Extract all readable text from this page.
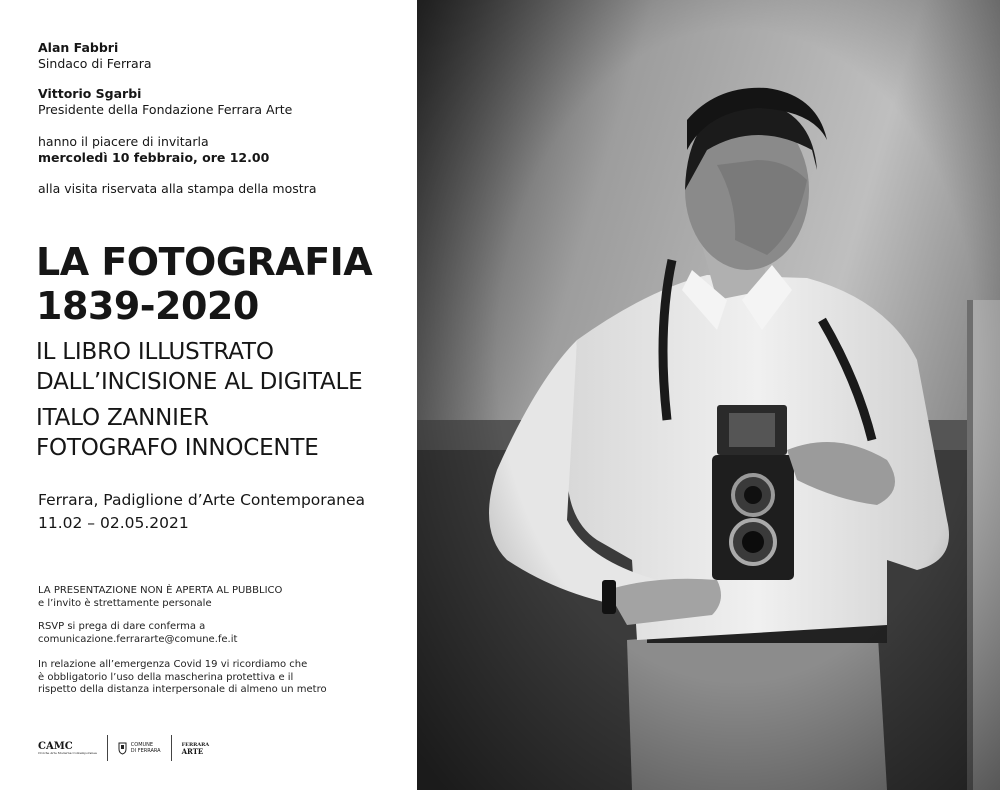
Alan Fabbri
Sindaco di Ferrara
Vittorio Sgarbi
Presidente della Fondazione Ferrara Arte
hanno il piacere di invitarla
mercoledì 10 febbraio, ore 12.00
alla visita riservata alla stampa della mostra
LA FOTOGRAFIA
1839-2020
IL LIBRO ILLUSTRATO
DALL’INCISIONE AL DIGITALE
ITALO ZANNIER
FOTOGRAFO INNOCENTE
Ferrara, Padiglione d’Arte Contemporanea
11.02 – 02.05.2021
LA PRESENTAZIONE NON È APERTA AL PUBBLICO
e l’invito è strettamente personale
RSVP si prega di dare conferma a
comunicazione.ferrararte@comune.fe.it
In relazione all’emergenza Covid 19 vi ricordiamo che
è obbligatorio l’uso della mascherina protettiva e il
rispetto della distanza interpersonale di almeno un metro
CAMC
Civiche Arte Moderna Contemporanea
COMUNE
DI FERRARA
FERRARA
ARTE
